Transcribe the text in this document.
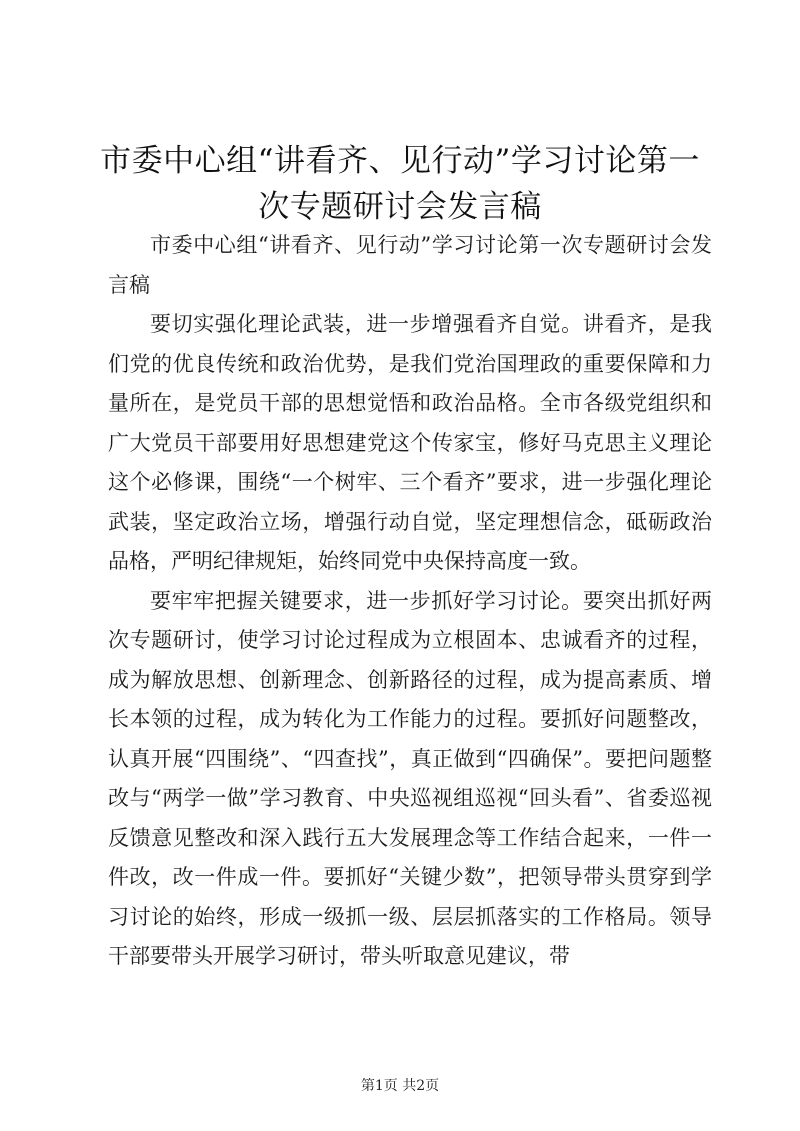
市委中心组“讲看齐、见行动”学习讨论第一次专题研讨会发言稿

市委中心组“讲看齐、见行动”学习讨论第一次专题研讨会发言稿

要切实强化理论武装，进一步增强看齐自觉。讲看齐，是我们党的优良传统和政治优势，是我们党治国理政的重要保障和力量所在，是党员干部的思想觉悟和政治品格。全市各级党组织和广大党员干部要用好思想建党这个传家宝，修好马克思主义理论这个必修课，围绕“一个树牢、三个看齐”要求，进一步强化理论武装，坚定政治立场，增强行动自觉，坚定理想信念，砥砺政治品格，严明纪律规矩，始终同党中央保持高度一致。

要牢牢把握关键要求，进一步抓好学习讨论。要突出抓好两次专题研讨，使学习讨论过程成为立根固本、忠诚看齐的过程，成为解放思想、创新理念、创新路径的过程，成为提高素质、增长本领的过程，成为转化为工作能力的过程。要抓好问题整改，认真开展“四围绕”、“四查找”，真正做到“四确保”。要把问题整改与“两学一做”学习教育、中央巡视组巡视“回头看”、省委巡视反馈意见整改和深入践行五大发展理念等工作结合起来，一件一件改，改一件成一件。要抓好“关键少数”，把领导带头贯穿到学习讨论的始终，形成一级抓一级、层层抓落实的工作格局。领导干部要带头开展学习研讨，带头听取意见建议，带

第1页 共2页
